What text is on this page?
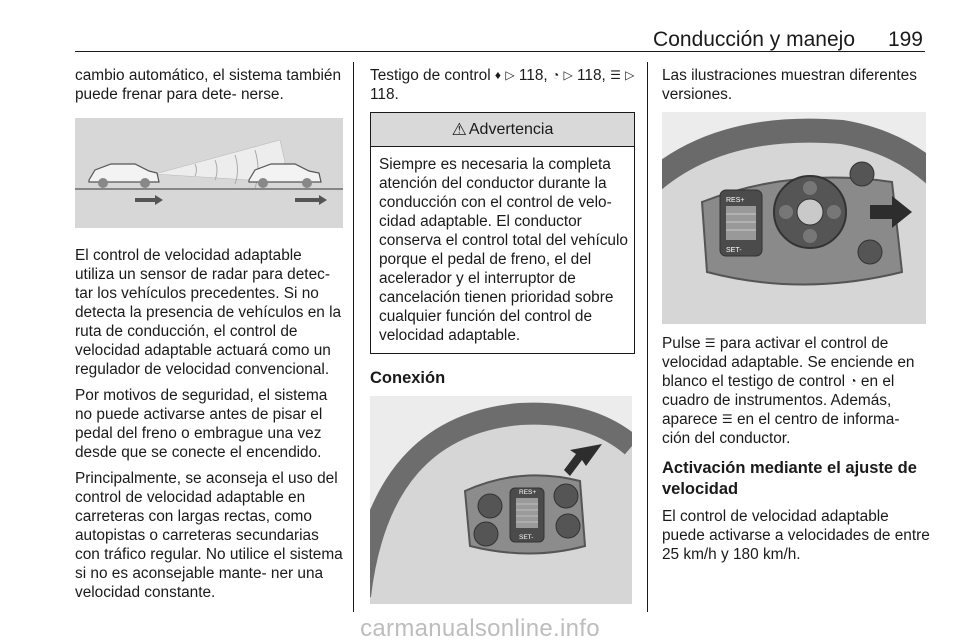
Conducción y manejo 199

cambio automático, el sistema también puede frenar para dete- nerse.

El control de velocidad adaptable utiliza un sensor de radar para detec- tar los vehículos precedentes. Si no detecta la presencia de vehículos en la ruta de conducción, el control de velocidad adaptable actuará como un regulador de velocidad convencional.

Por motivos de seguridad, el sistema no puede activarse antes de pisar el pedal del freno o embrague una vez desde que se conecte el encendido.

Principalmente, se aconseja el uso del control de velocidad adaptable en carreteras con largas rectas, como autopistas o carreteras secundarias con tráfico regular. No utilice el sistema si no es aconsejable mante- ner una velocidad constante.

Testigo de control ♦ ▷ 118, ◔ ▷ 118, ☰ ▷ 118.

⚠ Advertencia
Siempre es necesaria la completa atención del conductor durante la conducción con el control de velo- cidad adaptable. El conductor conserva el control total del vehículo porque el pedal de freno, el del acelerador y el interruptor de cancelación tienen prioridad sobre cualquier función del control de velocidad adaptable.

Conexión

RES+
SET-

Las ilustraciones muestran diferentes versiones.

RES+
SET-

Pulse ☰ para activar el control de velocidad adaptable. Se enciende en blanco el testigo de control ◔ en el cuadro de instrumentos. Además, aparece ☰ en el centro de informa- ción del conductor.

Activación mediante el ajuste de velocidad

El control de velocidad adaptable puede activarse a velocidades de entre 25 km/h y 180 km/h.

carmanualsonline.info
